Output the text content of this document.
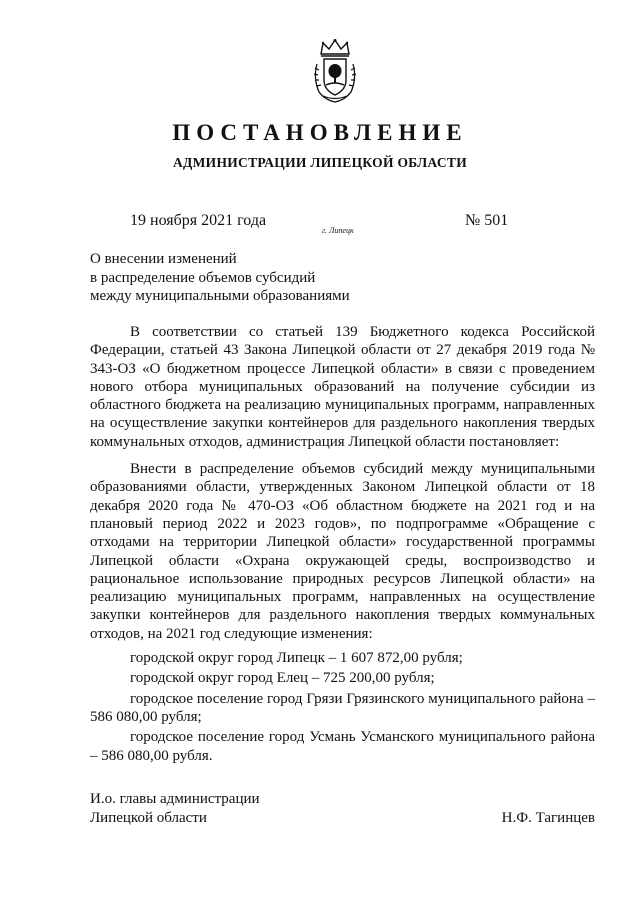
ПОСТАНОВЛЕНИЕ
АДМИНИСТРАЦИИ ЛИПЕЦКОЙ ОБЛАСТИ
19 ноября 2021 года
г. Липецк
№ 501
О внесении изменений
в распределение объемов субсидий
между муниципальными образованиями

В соответствии со статьей 139 Бюджетного кодекса Российской Федерации, статьей 43 Закона Липецкой области от 27 декабря 2019 года № 343-ОЗ «О бюджетном процессе Липецкой области» в связи с проведением нового отбора муниципальных образований на получение субсидии из областного бюджета на реализацию муниципальных программ, направленных на осуществление закупки контейнеров для раздельного накопления твердых коммунальных отходов, администрация Липецкой области постановляет:

Внести в распределение объемов субсидий между муниципальными образованиями области, утвержденных Законом Липецкой области от 18 декабря 2020 года № 470-ОЗ «Об областном бюджете на 2021 год и на плановый период 2022 и 2023 годов», по подпрограмме «Обращение с отходами на территории Липецкой области» государственной программы Липецкой области «Охрана окружающей среды, воспроизводство и рациональное использование природных ресурсов Липецкой области» на реализацию муниципальных программ, направленных на осуществление закупки контейнеров для раздельного накопления твердых коммунальных отходов, на 2021 год следующие изменения:

городской округ город Липецк – 1 607 872,00 рубля;

городской округ город Елец – 725 200,00 рубля;

городское поселение город Грязи Грязинского муниципального района – 586 080,00 рубля;

городское поселение город Усмань Усманского муниципального района – 586 080,00 рубля.

И.о. главы администрации
Липецкой области	Н.Ф. Тагинцев
